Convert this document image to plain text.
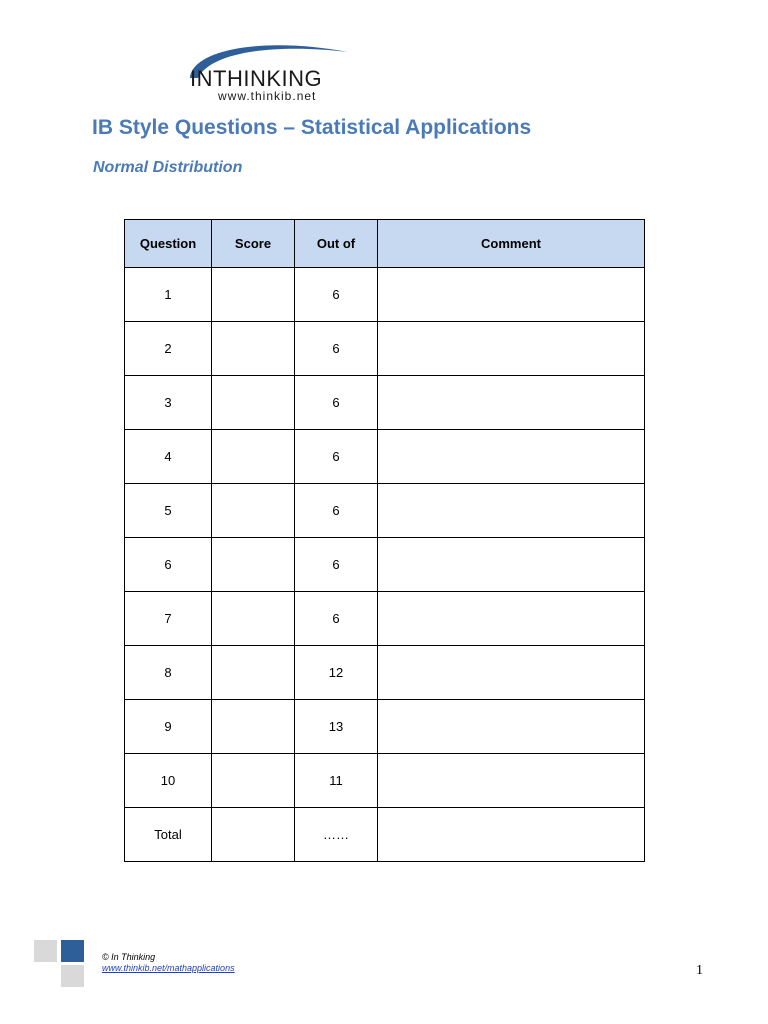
INTHINKING
www.thinkib.net
IB Style Questions – Statistical Applications
Normal Distribution
Question	Score	Out of	Comment
1		6	
2		6	
3		6	
4		6	
5		6	
6		6	
7		6	
8		12	
9		13	
10		11	
Total		……	
© In Thinking
www.thinkib.net/mathapplications	1
